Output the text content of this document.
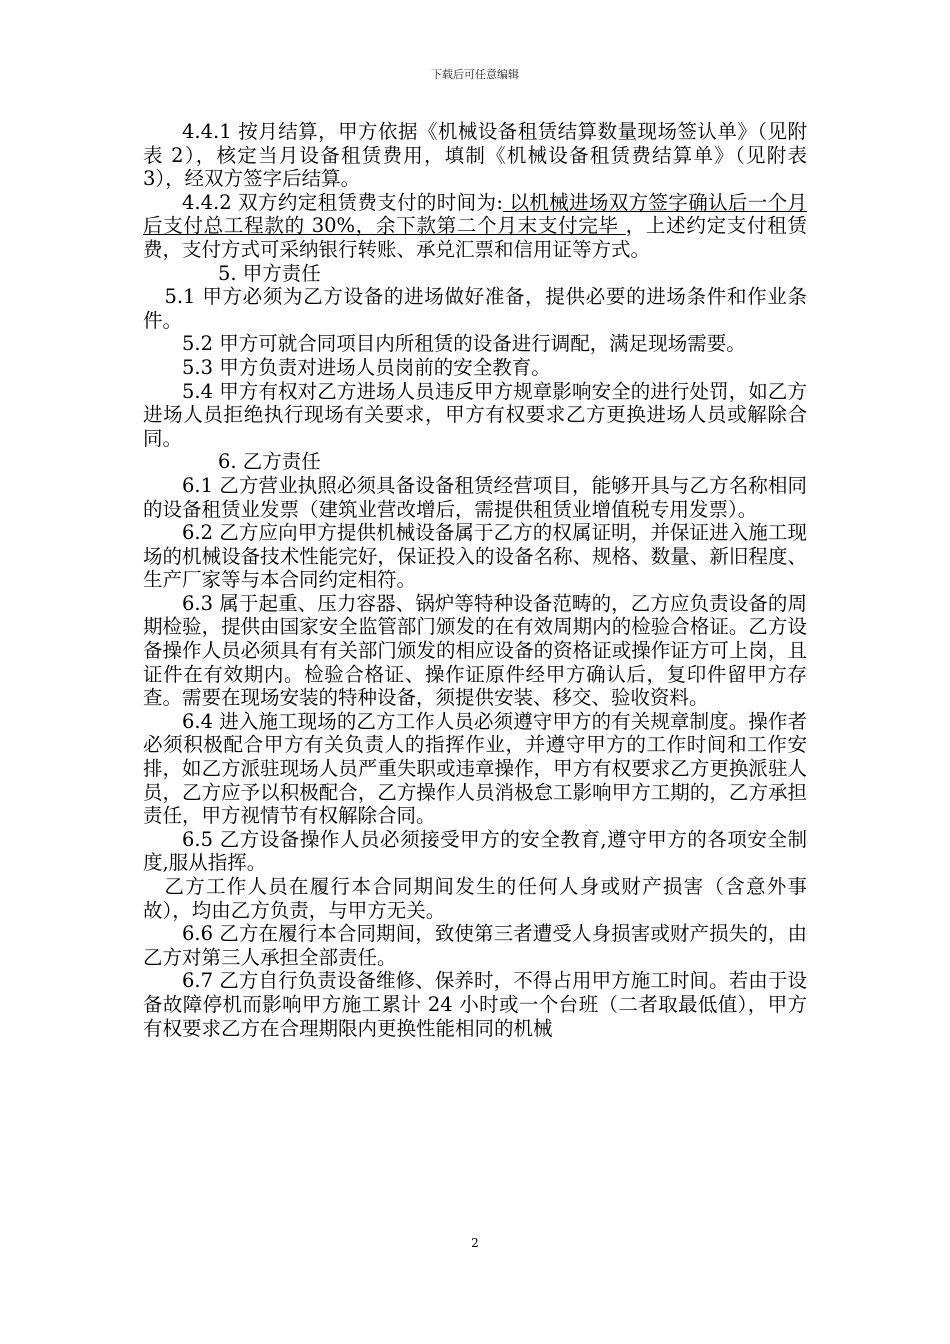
下载后可任意编辑

4.4.1 按月结算，甲方依据《机械设备租赁结算数量现场签认单》（见附表 2），核定当月设备租赁费用，填制《机械设备租赁费结算单》（见附表 3），经双方签字后结算。

4.4.2 双方约定租赁费支付的时间为: 以机械进场双方签字确认后一个月后支付总工程款的 30%，余下款第二个月末支付完毕 ，上述约定支付租赁费，支付方式可采纳银行转账、承兑汇票和信用证等方式。

5. 甲方责任

5.1 甲方必须为乙方设备的进场做好准备，提供必要的进场条件和作业条件。

5.2 甲方可就合同项目内所租赁的设备进行调配，满足现场需要。

5.3 甲方负责对进场人员岗前的安全教育。

5.4 甲方有权对乙方进场人员违反甲方规章影响安全的进行处罚，如乙方进场人员拒绝执行现场有关要求，甲方有权要求乙方更换进场人员或解除合同。

6. 乙方责任

6.1 乙方营业执照必须具备设备租赁经营项目，能够开具与乙方名称相同的设备租赁业发票（建筑业营改增后，需提供租赁业增值税专用发票）。

6.2 乙方应向甲方提供机械设备属于乙方的权属证明，并保证进入施工现场的机械设备技术性能完好，保证投入的设备名称、规格、数量、新旧程度、生产厂家等与本合同约定相符。

6.3 属于起重、压力容器、锅炉等特种设备范畴的，乙方应负责设备的周期检验，提供由国家安全监管部门颁发的在有效周期内的检验合格证。乙方设备操作人员必须具有有关部门颁发的相应设备的资格证或操作证方可上岗，且证件在有效期内。检验合格证、操作证原件经甲方确认后，复印件留甲方存查。需要在现场安装的特种设备，须提供安装、移交、验收资料。

6.4 进入施工现场的乙方工作人员必须遵守甲方的有关规章制度。操作者必须积极配合甲方有关负责人的指挥作业，并遵守甲方的工作时间和工作安排，如乙方派驻现场人员严重失职或违章操作，甲方有权要求乙方更换派驻人员，乙方应予以积极配合，乙方操作人员消极怠工影响甲方工期的，乙方承担责任，甲方视情节有权解除合同。

6.5 乙方设备操作人员必须接受甲方的安全教育,遵守甲方的各项安全制度,服从指挥。

乙方工作人员在履行本合同期间发生的任何人身或财产损害（含意外事故），均由乙方负责，与甲方无关。

6.6 乙方在履行本合同期间，致使第三者遭受人身损害或财产损失的，由乙方对第三人承担全部责任。

6.7 乙方自行负责设备维修、保养时，不得占用甲方施工时间。若由于设备故障停机而影响甲方施工累计 24 小时或一个台班（二者取最低值），甲方有权要求乙方在合理期限内更换性能相同的机械

2
